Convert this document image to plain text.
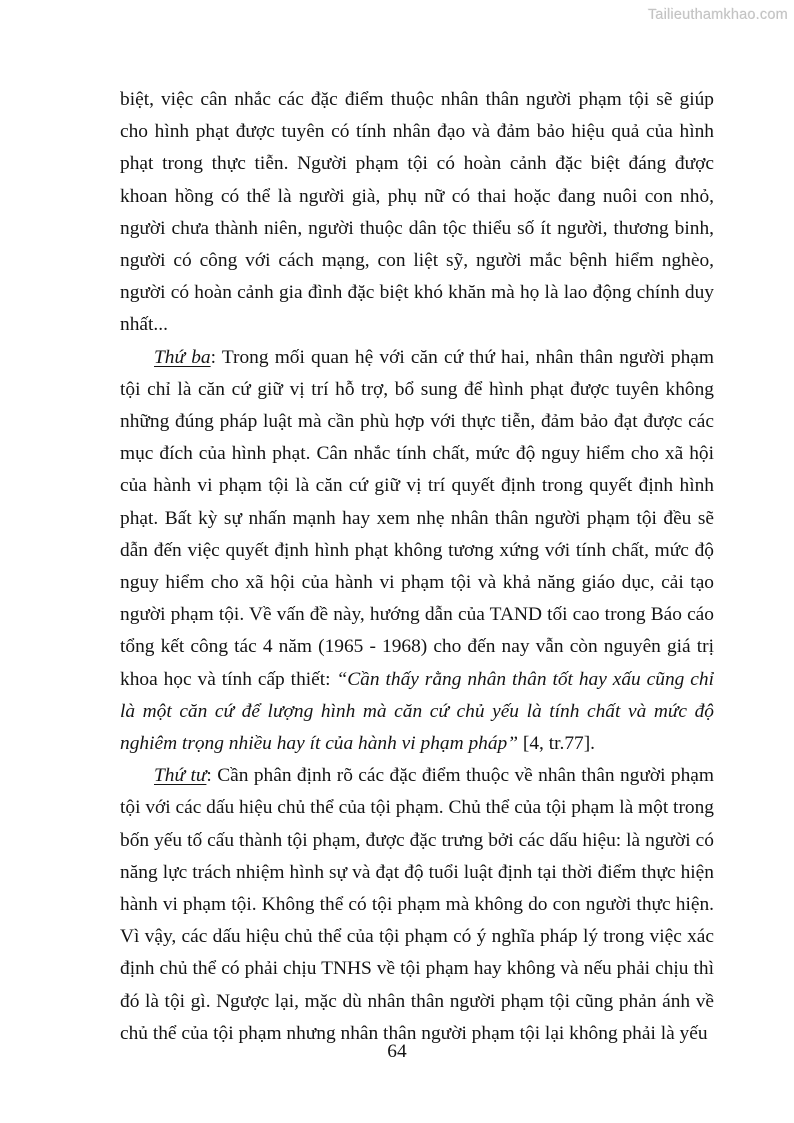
Tailieuthamkhao.com

biệt, việc cân nhắc các đặc điểm thuộc nhân thân người phạm tội sẽ giúp cho hình phạt được tuyên có tính nhân đạo và đảm bảo hiệu quả của hình phạt trong thực tiễn. Người phạm tội có hoàn cảnh đặc biệt đáng được khoan hồng có thể là người già, phụ nữ có thai hoặc đang nuôi con nhỏ, người chưa thành niên, người thuộc dân tộc thiểu số ít người, thương binh, người có công với cách mạng, con liệt sỹ, người mắc bệnh hiểm nghèo, người có hoàn cảnh gia đình đặc biệt khó khăn mà họ là lao động chính duy nhất...

Thứ ba: Trong mối quan hệ với căn cứ thứ hai, nhân thân người phạm tội chỉ là căn cứ giữ vị trí hỗ trợ, bổ sung để hình phạt được tuyên không những đúng pháp luật mà cần phù hợp với thực tiễn, đảm bảo đạt được các mục đích của hình phạt. Cân nhắc tính chất, mức độ nguy hiểm cho xã hội của hành vi phạm tội là căn cứ giữ vị trí quyết định trong quyết định hình phạt. Bất kỳ sự nhấn mạnh hay xem nhẹ nhân thân người phạm tội đều sẽ dẫn đến việc quyết định hình phạt không tương xứng với tính chất, mức độ nguy hiểm cho xã hội của hành vi phạm tội và khả năng giáo dục, cải tạo người phạm tội. Về vấn đề này, hướng dẫn của TAND tối cao trong Báo cáo tổng kết công tác 4 năm (1965 - 1968) cho đến nay vẫn còn nguyên giá trị khoa học và tính cấp thiết: “Cần thấy rằng nhân thân tốt hay xấu cũng chỉ là một căn cứ để lượng hình mà căn cứ chủ yếu là tính chất và mức độ nghiêm trọng nhiều hay ít của hành vi phạm pháp” [4, tr.77].

Thứ tư: Cần phân định rõ các đặc điểm thuộc về nhân thân người phạm tội với các dấu hiệu chủ thể của tội phạm. Chủ thể của tội phạm là một trong bốn yếu tố cấu thành tội phạm, được đặc trưng bởi các dấu hiệu: là người có năng lực trách nhiệm hình sự và đạt độ tuổi luật định tại thời điểm thực hiện hành vi phạm tội. Không thể có tội phạm mà không do con người thực hiện. Vì vậy, các dấu hiệu chủ thể của tội phạm có ý nghĩa pháp lý trong việc xác định chủ thể có phải chịu TNHS về tội phạm hay không và nếu phải chịu thì đó là tội gì. Ngược lại, mặc dù nhân thân người phạm tội cũng phản ánh về chủ thể của tội phạm nhưng nhân thân người phạm tội lại không phải là yếu

64
